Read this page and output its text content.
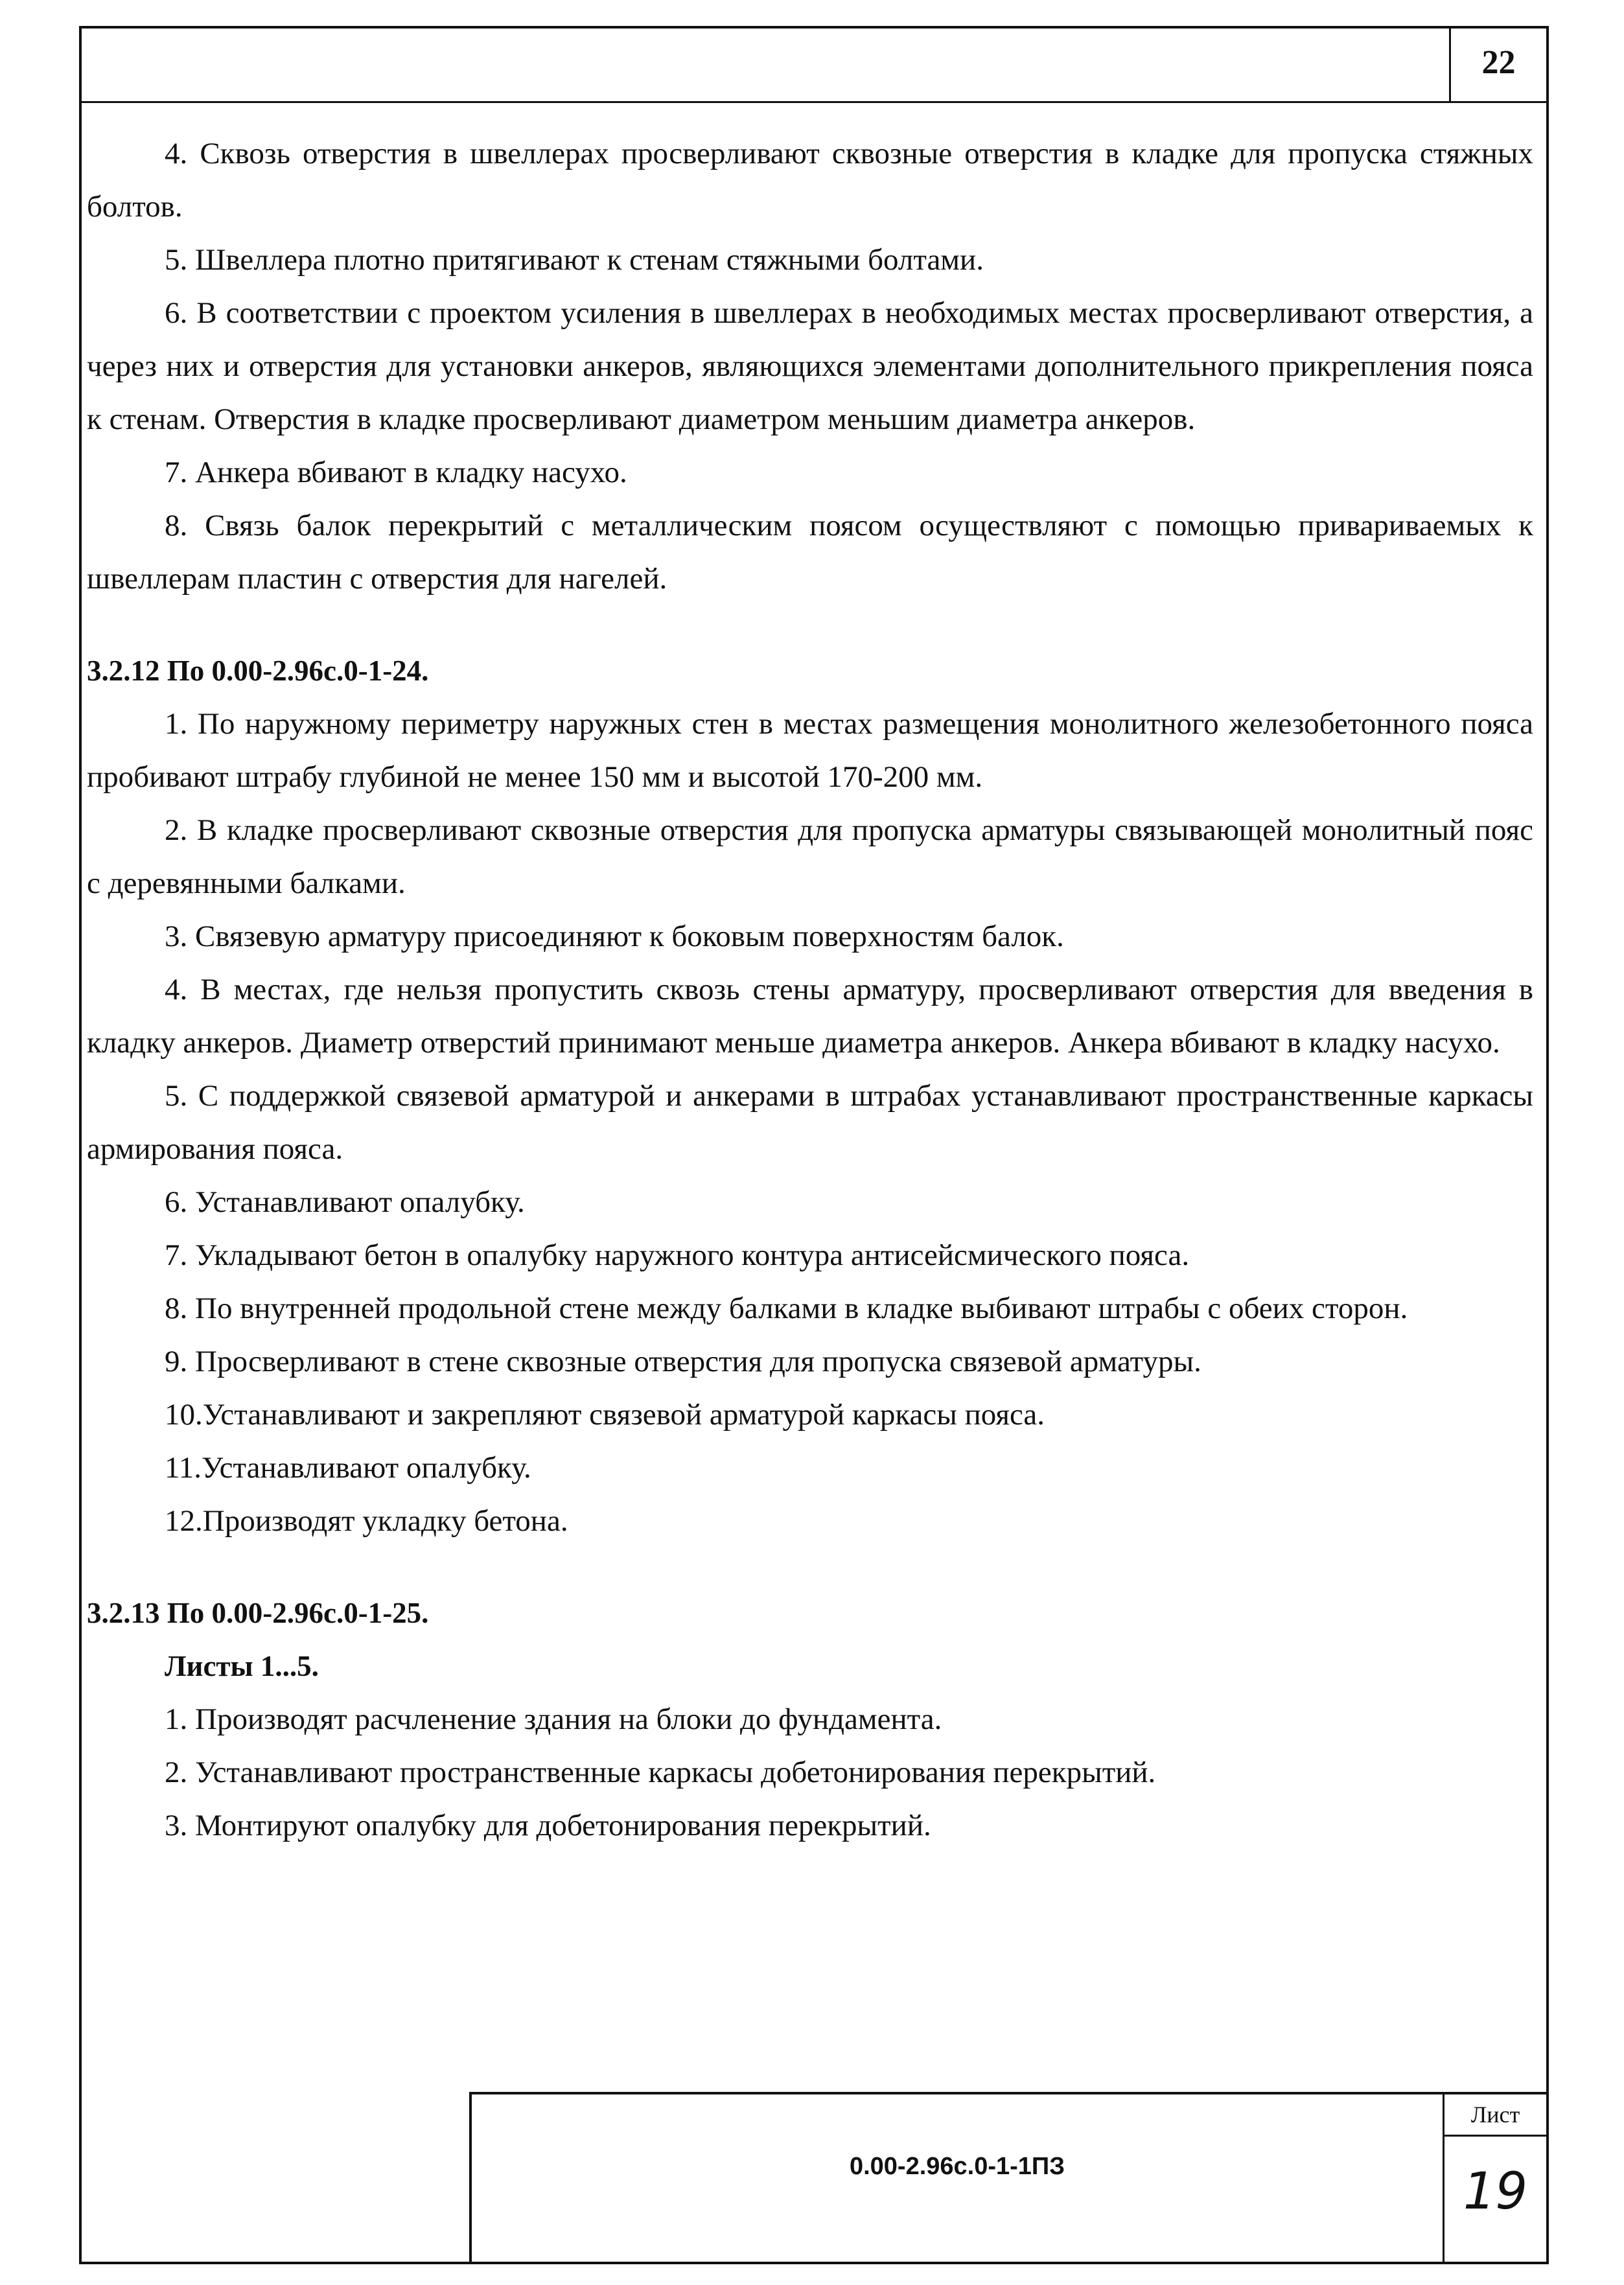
22

4. Сквозь отверстия в швеллерах просверливают сквозные отверстия в кладке для пропуска стяжных болтов.

5. Швеллера плотно притягивают к стенам стяжными болтами.

6. В соответствии с проектом усиления в швеллерах в необходимых местах просверливают отверстия, а через них и отверстия для установки анкеров, являющихся элементами дополнительного прикрепления пояса к стенам. Отверстия в кладке просверливают диаметром меньшим диаметра анкеров.

7. Анкера вбивают в кладку насухо.

8. Связь балок перекрытий с металлическим поясом осуществляют с помощью привариваемых к швеллерам пластин с отверстия для нагелей.

3.2.12 По 0.00-2.96с.0-1-24.

1. По наружному периметру наружных стен в местах размещения монолитного железобетонного пояса пробивают штрабу глубиной не менее 150 мм и высотой 170-200 мм.

2. В кладке просверливают сквозные отверстия для пропуска арматуры связывающей монолитный пояс с деревянными балками.

3. Связевую арматуру присоединяют к боковым поверхностям балок.

4. В местах, где нельзя пропустить сквозь стены арматуру, просверливают отверстия для введения в кладку анкеров. Диаметр отверстий принимают меньше диаметра анкеров. Анкера вбивают в кладку насухо.

5. С поддержкой связевой арматурой и анкерами в штрабах устанавливают пространственные каркасы армирования пояса.

6. Устанавливают опалубку.

7. Укладывают бетон в опалубку наружного контура антисейсмического пояса.

8. По внутренней продольной стене между балками в кладке выбивают штрабы с обеих сторон.

9. Просверливают в стене сквозные отверстия для пропуска связевой арматуры.

10.Устанавливают и закрепляют связевой арматурой каркасы пояса.

11.Устанавливают опалубку.

12.Производят укладку бетона.

3.2.13 По 0.00-2.96с.0-1-25.
Листы 1...5.

1. Производят расчленение здания на блоки до фундамента.

2. Устанавливают пространственные каркасы добетонирования перекрытий.

3. Монтируют опалубку для добетонирования перекрытий.

0.00-2.96с.0-1-1ПЗ
Лист
19
